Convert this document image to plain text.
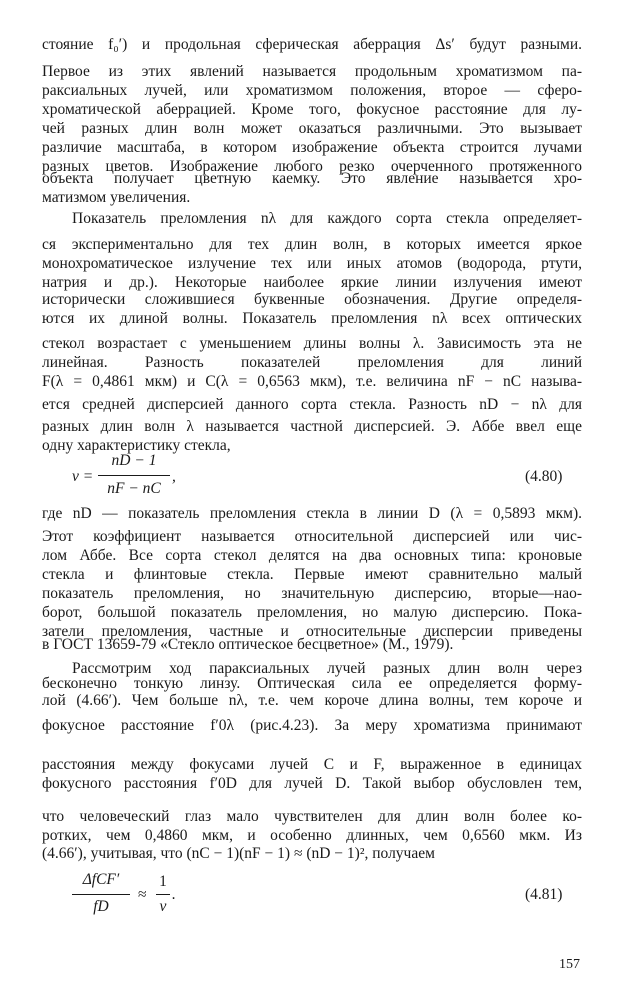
стояние f₀′) и продольная сферическая аберрация Δs′ будут разными.
Первое из этих явлений называется продольным хроматизмом па-
раксиальных лучей, или хроматизмом положения, второе — сферо-
хроматической аберрацией. Кроме того, фокусное расстояние для лу-
чей разных длин волн может оказаться различными. Это вызывает
различие масштаба, в котором изображение объекта строится лучами
разных цветов. Изображение любого резко очерченного протяженного
объекта получает цветную каемку. Это явление называется хро-
матизмом увеличения.
Показатель преломления nλ для каждого сорта стекла определяет-
ся экспериментально для тех длин волн, в которых имеется яркое
монохроматическое излучение тех или иных атомов (водорода, ртути,
натрия и др.). Некоторые наиболее яркие линии излучения имеют
исторически сложившиеся буквенные обозначения. Другие определя-
ются их длиной волны. Показатель преломления nλ всех оптических
стекол возрастает с уменьшением длины волны λ. Зависимость эта не
линейная. Разность показателей преломления для линий
F(λ = 0,4861 мкм) и C(λ = 0,6563 мкм), т.е. величина nF − nC называ-
ется средней дисперсией данного сорта стекла. Разность nD − nλ для
разных длин волн λ называется частной дисперсией. Э. Аббе ввел еще
одну характеристику стекла,
ν =
nD − 1
nF − nC
,	(4.80)
где nD — показатель преломления стекла в линии D (λ = 0,5893 мкм).
Этот коэффициент называется относительной дисперсией или чис-
лом Аббе. Все сорта стекол делятся на два основных типа: кроновые
стекла и флинтовые стекла. Первые имеют сравнительно малый
показатель преломления, но значительную дисперсию, вторые—нао-
борот, большой показатель преломления, но малую дисперсию. Пока-
затели преломления, частные и относительные дисперсии приведены
в ГОСТ 13659-79 «Стекло оптическое бесцветное» (М., 1979).
Рассмотрим ход параксиальных лучей разных длин волн через
бесконечно тонкую линзу. Оптическая сила ее определяется форму-
лой (4.66′). Чем больше nλ, т.е. чем короче длина волны, тем короче и
фокусное расстояние f′0λ (рис.4.23). За меру хроматизма принимают
расстояния между фокусами лучей C и F, выраженное в единицах
фокусного расстояния f′0D для лучей D. Такой выбор обусловлен тем,
что человеческий глаз мало чувствителен для длин волн более ко-
ротких, чем 0,4860 мкм, и особенно длинных, чем 0,6560 мкм. Из
(4.66′), учитывая, что (nC − 1)(nF − 1) ≈ (nD − 1)², получаем
ΔfCF′
fD
≈
1
ν
.	(4.81)
157
